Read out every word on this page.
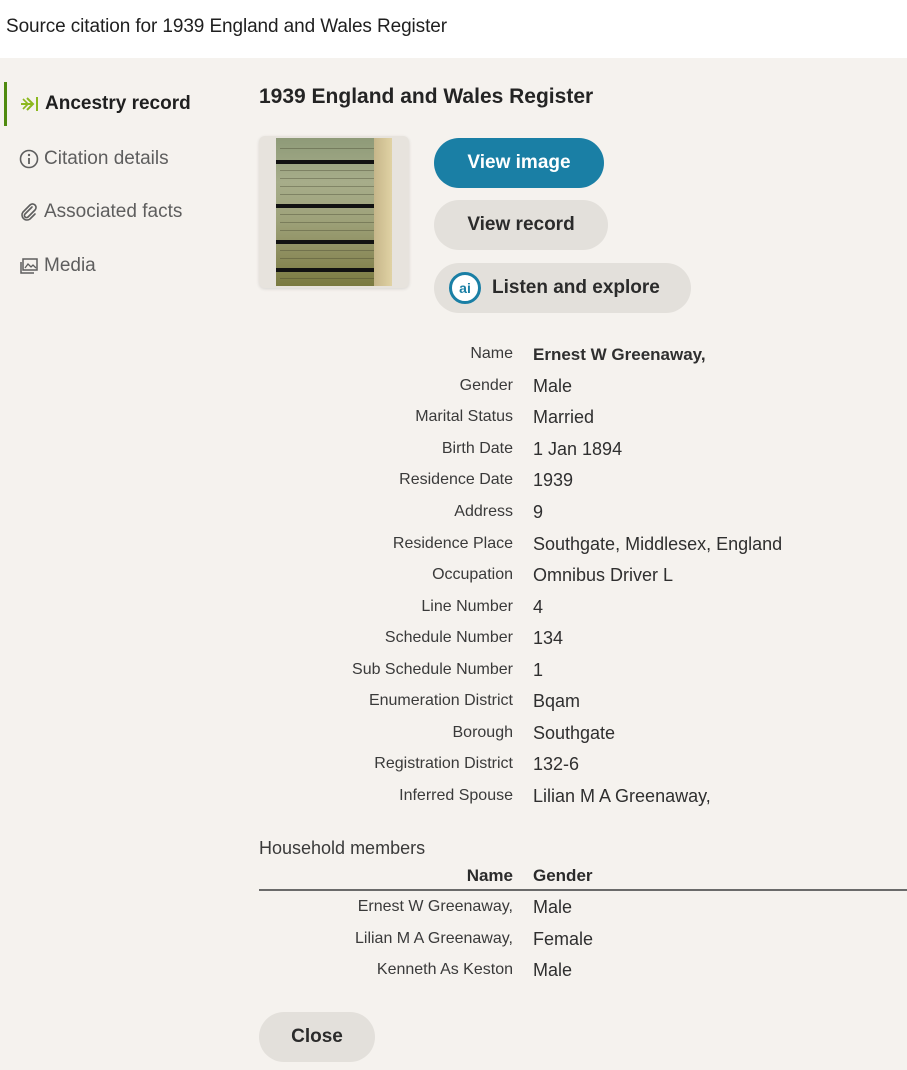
Source citation for 1939 England and Wales Register
Ancestry record
Citation details
Associated facts
Media
1939 England and Wales Register
View image
View record
ai	Listen and explore
Name Ernest W Greenaway,
Gender Male
Marital Status Married
Birth Date 1 Jan 1894
Residence Date 1939
Address 9
Residence Place Southgate, Middlesex, England
Occupation Omnibus Driver L
Line Number 4
Schedule Number 134
Sub Schedule Number 1
Enumeration District Bqam
Borough Southgate
Registration District 132-6
Inferred Spouse Lilian M A Greenaway,
Household members
Name Gender
Ernest W Greenaway, Male
Lilian M A Greenaway, Female
Kenneth As Keston Male
Close
